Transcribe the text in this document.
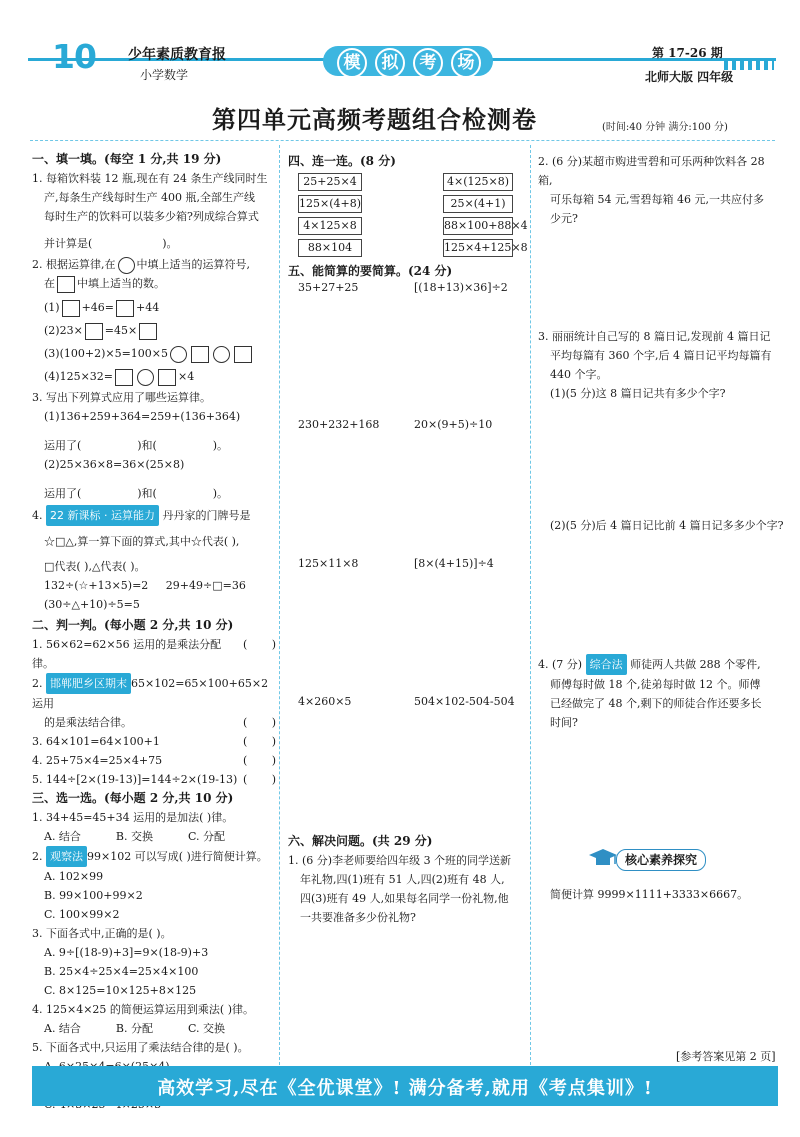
10 少年素质教育报
小学数学
模	拟	考	场	第 17-26 期
北师大版 四年级
第四单元高频考题组合检测卷	(时间:40 分钟 满分:100 分)
一、填一填。(每空 1 分,共 19 分)
1. 每箱饮料装 12 瓶,现在有 24 条生产线同时生
产,每条生产线每时生产 400 瓶,全部生产线
每时生产的饮料可以装多少箱?列成综合算式
并计算是(                    )。
2. 根据运算律,在 中填上适当的运算符号,
在 中填上适当的数。
(1) +46= +44
(2)23× =45×
(3)(100+2)×5=100×5
(4)125×32=	×4
3. 写出下列算式应用了哪些运算律。
(1)136+259+364=259+(136+364)
运用了(                )和(                )。
(2)25×36×8=36×(25×8)
运用了(                )和(                )。
4. 22 新课标 · 运算能力 丹丹家的门牌号是
☆□△,算一算下面的算式,其中☆代表( ),
□代表( ),△代表( )。
132÷(☆+13×5)=2     29+49÷□=36
(30÷△+10)÷5=5
二、判一判。(每小题 2 分,共 10 分)
1. 56×62=62×56 运用的是乘法分配律。
(       )
2. 邯郸肥乡区期末 65×102=65×100+65×2 运用
的是乘法结合律。	(       )
3. 64×101=64×100+1	(       )
4. 25+75×4=25×4+75	(       )
5. 144÷[2×(19-13)]=144÷2×(19-13) (       )
三、选一选。(每小题 2 分,共 10 分)
1. 34+45=45+34 运用的是加法( )律。
A. 结合          B. 交换          C. 分配
2. 观察法 99×102 可以写成( )进行简便计算。
A. 102×99
B. 99×100+99×2
C. 100×99×2
3. 下面各式中,正确的是( )。
A. 9÷[(18-9)+3]=9×(18-9)+3
B. 25×4÷25×4=25×4×100
C. 8×125=10×125+8×125
4. 125×4×25 的简便运算运用到乘法( )律。
A. 结合          B. 分配          C. 交换
5. 下面各式中,只运用了乘法结合律的是( )。
四、连一连。(8 分)
25+25×4
125×(4+8)
4×125×8
88×104
4×(125×8)
25×(4+1)
88×100+88×4
125×4+125×8
五、能简算的要简算。(24 分)
35+27+25	[(18+13)×36]÷2
230+232+168	20×(9+5)÷10
125×11×8	[8×(4+15)]÷4
4×260×5	504×102-504-504
六、解决问题。(共 29 分)
1. (6 分)李老师要给四年级 3 个班的同学送新
年礼物,四(1)班有 51 人,四(2)班有 48 人,
四(3)班有 49 人,如果每名同学一份礼物,他
一共要准备多少份礼物?
2. (6 分)某超市购进雪碧和可乐两种饮料各 28 箱,
可乐每箱 54 元,雪碧每箱 46 元,一共应付多
少元?
3. 丽丽统计自己写的 8 篇日记,发现前 4 篇日记
平均每篇有 360 个字,后 4 篇日记平均每篇有
440 个字。
(1)(5 分)这 8 篇日记共有多少个字?
(2)(5 分)后 4 篇日记比前 4 篇日记多多少个字?
4. (7 分) 综合法 师徒两人共做 288 个零件,
师傅每时做 18 个,徒弟每时做 12 个。师傅
已经做完了 48 个,剩下的师徒合作还要多长
时间?
核心素养探究
简便计算 9999×1111+3333×6667。
[参考答案见第 2 页]
高效学习,尽在《全优课堂》! 满分备考,就用《考点集训》!
